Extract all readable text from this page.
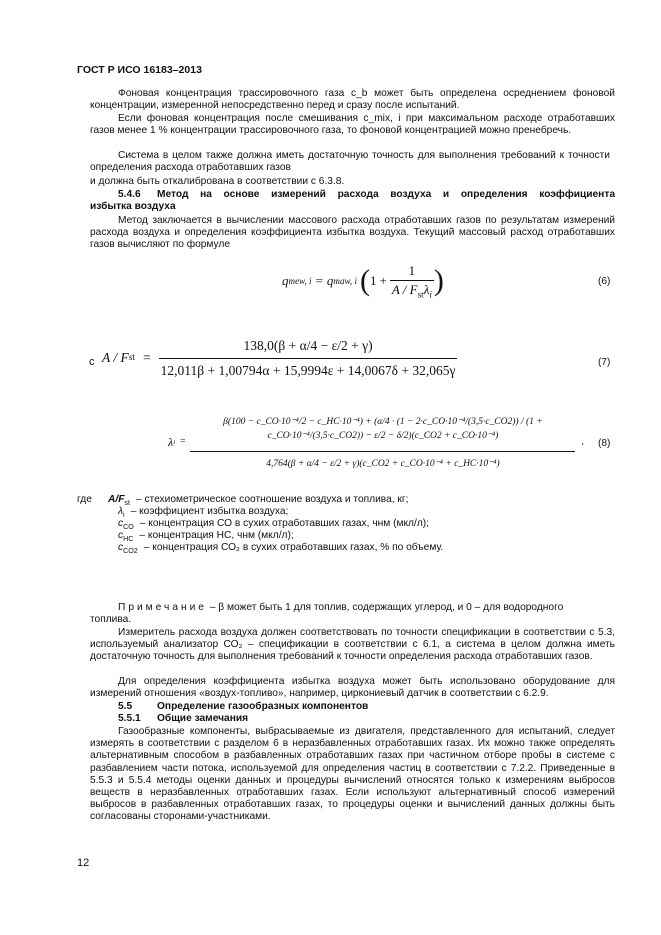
ГОСТ Р ИСО 16183–2013
Фоновая концентрация трассировочного газа c_b может быть определена осреднением фоновой концентрации, измеренной непосредственно перед и сразу после испытаний.
Если фоновая концентрация после смешивания c_mix, i при максимальном расходе отработавших газов менее 1 % концентрации трассировочного газа, то фоновой концентрацией можно пренебречь.
Система в целом также должна иметь достаточную точность для выполнения требований к точности определения расхода отработавших газов
и должна быть откалибрована в соответствии с 6.3.8.
5.4.6 Метод на основе измерений расхода воздуха и определения коэффициента
избытка воздуха
Метод заключается в вычислении массового расхода отработавших газов по результатам измерений расхода воздуха и определения коэффициента избытка воздуха. Текущий массовый расход отработавших газов вычисляют по формуле
q mew, i = q maw, i ( $1 + \frac{1}{A / F_{st}\lambda_i}$ )	(6)
с A / F st = $\frac{138,0(\beta + \alpha/4 - \varepsilon/2 + \gamma)}{12,011\beta + 1,00794\alpha + 15,9994\varepsilon + 14,0067\delta + 32,065\gamma}$	(7)
λ i =
β(100 − c_CO·10⁻⁴/2 − c_HC·10⁻⁴) + (α/4 · (1 − 2·c_CO·10⁻⁴/(3,5·c_CO2)) / (1 + c_CO·10⁻⁴/(3,5·c_CO2)) − ε/2 − δ/2)(c_CO2 + c_CO·10⁻⁴)
4,764(β + α/4 − ε/2 + γ)(c_CO2 + c_CO·10⁻⁴ + c_HC·10⁻⁴)
, (8)
где $A/F_{st}$ – стехиометрическое соотношение воздуха и топлива, кг;
$\lambda_i$ – коэффициент избытка воздуха;
$c_{CO}$ – концентрация СО в сухих отработавших газах, чнм (мкл/л);
$c_{HC}$ – концентрация НС, чнм (мкл/л);
$c_{CO2}$ – концентрация СО₂ в сухих отработавших газах, % по объему.
Примечание – β может быть 1 для топлив, содержащих углерод, и 0 – для водородного
топлива.
Измеритель расхода воздуха должен соответствовать по точности спецификации в соответствии с 5.3, используемый анализатор СО₂ – спецификации в соответствии с 6.1, а система в целом должна иметь достаточную точность для выполнения требований к точности определения расхода отработавших газов.
Для определения коэффициента избытка воздуха может быть использовано оборудование для измерений отношения «воздух-топливо», например, циркониевый датчик в соответствии с 6.2.9.
5.5 Определение газообразных компонентов
5.5.1 Общие замечания
Газообразные компоненты, выбрасываемые из двигателя, представленного для испытаний, следует измерять в соответствии с разделом 6 в неразбавленных отработавших газах. Их можно также определять альтернативным способом в разбавленных отработавших газах при частичном отборе пробы в системе с разбавлением части потока, используемой для определения частиц в соответствии с 7.2.2. Приведенные в 5.5.3 и 5.5.4 методы оценки данных и процедуры вычислений относятся только к измерениям выбросов веществ в неразбавленных отработавших газах. Если используют альтернативный способ измерений выбросов в разбавленных отработавших газах, то процедуры оценки и вычислений данных должны быть согласованы сторонами-участниками.
12
